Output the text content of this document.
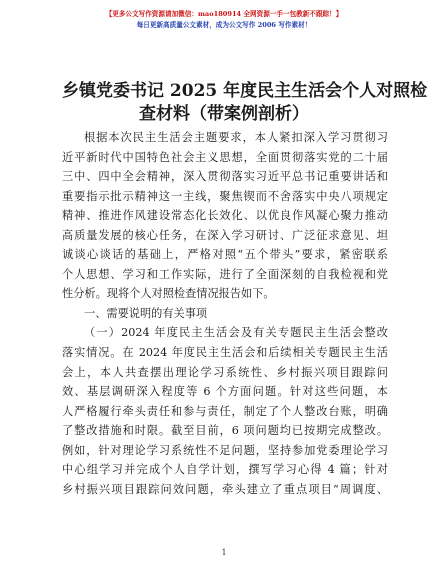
【更多公文写作资源请加微信：mao180914 全网资源一手一包教新不跟踪！】
每日更新高质量公文素材，成为公文写作 2006 写作素材！
乡镇党委书记 2025 年度民主生活会个人对照检
查材料（带案例剖析）
根据本次民主生活会主题要求，本人紧扣深入学习贯彻习
近平新时代中国特色社会主义思想，全面贯彻落实党的二十届
三中、四中全会精神，深入贯彻落实习近平总书记重要讲话和
重要指示批示精神这一主线，聚焦锲而不舍落实中央八项规定
精神、推进作风建设常态化长效化、以优良作风凝心聚力推动
高质量发展的核心任务，在深入学习研讨、广泛征求意见、坦
诚谈心谈话的基础上，严格对照“五个带头”要求，紧密联系
个人思想、学习和工作实际，进行了全面深刻的自我检视和党
性分析。现将个人对照检查情况报告如下。
一、需要说明的有关事项
（一）2024 年度民主生活会及有关专题民主生活会整改
落实情况。在 2024 年度民主生活会和后续相关专题民主生活
会上，本人共查摆出理论学习系统性、乡村振兴项目跟踪问
效、基层调研深入程度等 6 个方面问题。针对这些问题，本
人严格履行牵头责任和参与责任，制定了个人整改台账，明确
了整改措施和时限。截至目前，6 项问题均已按期完成整改。
例如，针对理论学习系统性不足问题，坚持参加党委理论学习
中心组学习并完成个人自学计划，撰写学习心得 4 篇；针对
乡村振兴项目跟踪问效问题，牵头建立了重点项目“周调度、
1
